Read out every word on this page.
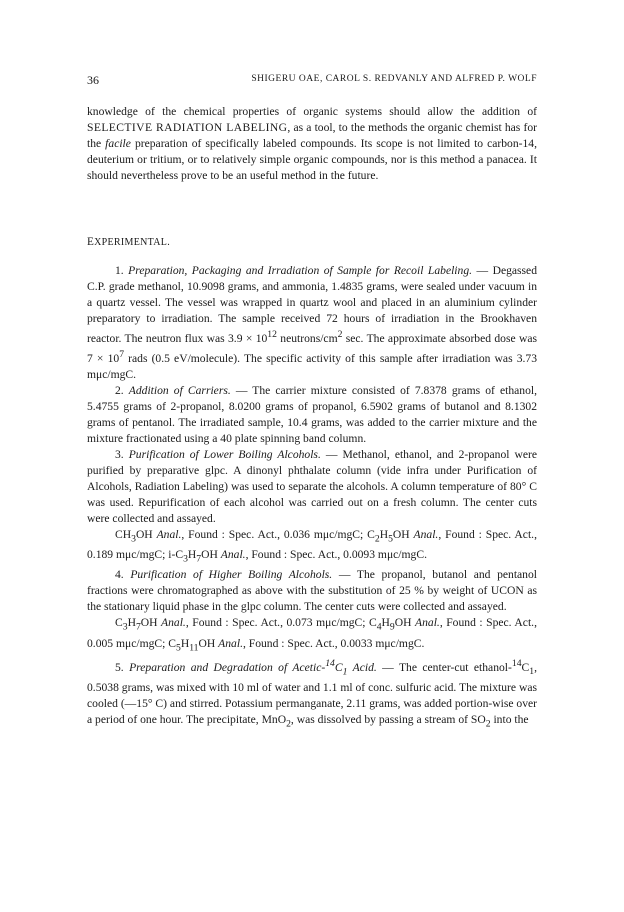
36	SHIGERU OAE, CAROL S. REDVANLY AND ALFRED P. WOLF

knowledge of the chemical properties of organic systems should allow the addition of SELECTIVE RADIATION LABELING, as a tool, to the methods the organic chemist has for the facile preparation of specifically labeled compounds. Its scope is not limited to carbon-14, deuterium or tritium, or to relatively simple organic compounds, nor is this method a panacea. It should nevertheless prove to be an useful method in the future.

EXPERIMENTAL.

1. Preparation, Packaging and Irradiation of Sample for Recoil Labeling. — Degassed C.P. grade methanol, 10.9098 grams, and ammonia, 1.4835 grams, were sealed under vacuum in a quartz vessel. The vessel was wrapped in quartz wool and placed in an aluminium cylinder preparatory to irradiation. The sample received 72 hours of irradiation in the Brookhaven reactor. The neutron flux was $3.9 \times 10^{12}$ neutrons/$cm^2$ sec. The approximate absorbed dose was $7 \times 10^7$ rads (0.5 eV/molecule). The specific activity of this sample after irradiation was 3.73 mμc/mgC.

2. Addition of Carriers. — The carrier mixture consisted of 7.8378 grams of ethanol, 5.4755 grams of 2-propanol, 8.0200 grams of propanol, 6.5902 grams of butanol and 8.1302 grams of pentanol. The irradiated sample, 10.4 grams, was added to the carrier mixture and the mixture fractionated using a 40 plate spinning band column.

3. Purification of Lower Boiling Alcohols. — Methanol, ethanol, and 2-propanol were purified by preparative glpc. A dinonyl phthalate column (vide infra under Purification of Alcohols, Radiation Labeling) was used to separate the alcohols. A column temperature of 80° C was used. Repurification of each alcohol was carried out on a fresh column. The center cuts were collected and assayed.

$CH_3OH$ Anal., Found : Spec. Act., 0.036 mμc/mgC; $C_2H_5OH$ Anal., Found : Spec. Act., 0.189 mμc/mgC; $i-C_3H_7OH$ Anal., Found : Spec. Act., 0.0093 mμc/mgC.

4. Purification of Higher Boiling Alcohols. — The propanol, butanol and pentanol fractions were chromatographed as above with the substitution of 25 % by weight of UCON as the stationary liquid phase in the glpc column. The center cuts were collected and assayed.

$C_3H_7OH$ Anal., Found : Spec. Act., 0.073 mμc/mgC; $C_4H_9OH$ Anal., Found : Spec. Act., 0.005 mμc/mgC; $C_5H_{11}OH$ Anal., Found : Spec. Act., 0.0033 mμc/mgC.

5. Preparation and Degradation of Acetic-$^{14}C_1$ Acid. — The center-cut ethanol-$^{14}C_1$, 0.5038 grams, was mixed with 10 ml of water and 1.1 ml of conc. sulfuric acid. The mixture was cooled (—15° C) and stirred. Potassium permanganate, 2.11 grams, was added portion-wise over a period of one hour. The precipitate, MnO$_2$, was dissolved by passing a stream of $SO_2$ into the
